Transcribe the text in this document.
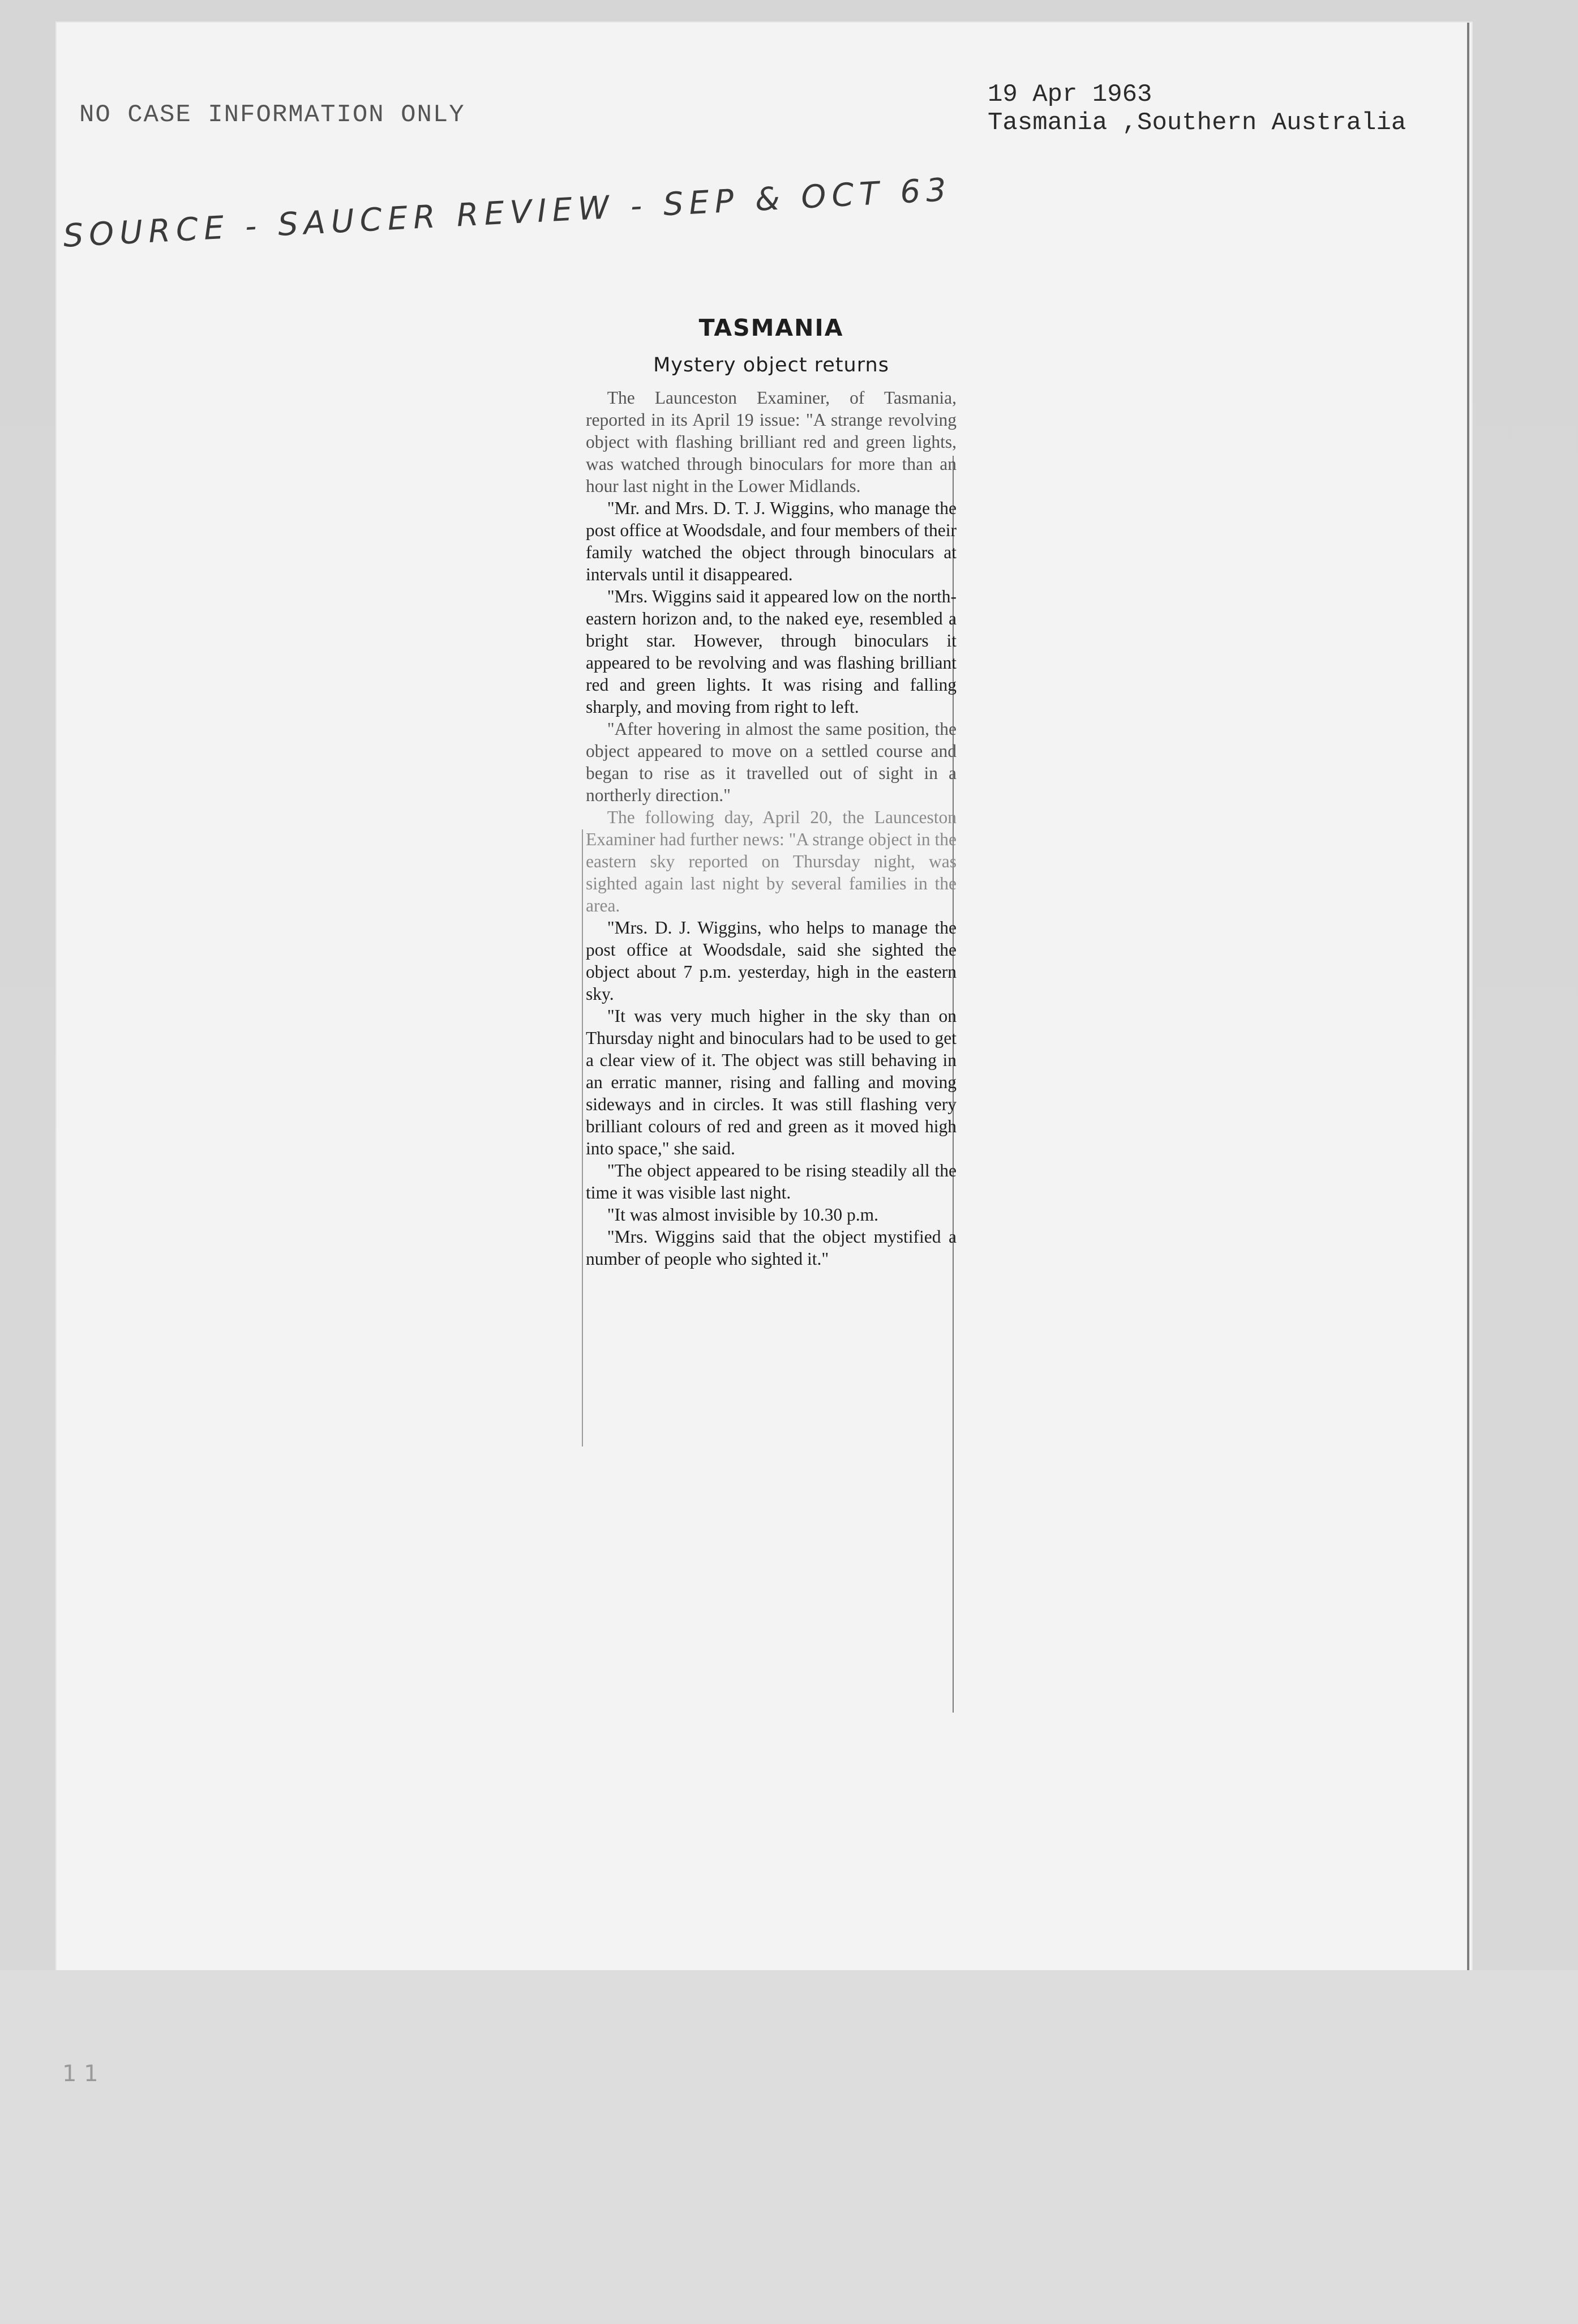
NO CASE INFORMATION ONLY
19 Apr 1963
Tasmania ,Southern Australia
SOURCE - SAUCER REVIEW - SEP & OCT 63
TASMANIA
Mystery object returns

The Launceston Examiner, of Tasmania, reported in its April 19 issue: "A strange revolving object with flashing brilliant red and green lights, was watched through binoculars for more than an hour last night in the Lower Midlands.

"Mr. and Mrs. D. T. J. Wiggins, who manage the post office at Woodsdale, and four members of their family watched the object through binoculars at intervals until it disappeared.

"Mrs. Wiggins said it appeared low on the north-eastern horizon and, to the naked eye, resembled a bright star. However, through binoculars it appeared to be revolving and was flashing brilliant red and green lights. It was rising and falling sharply, and moving from right to left.

"After hovering in almost the same position, the object appeared to move on a settled course and began to rise as it travelled out of sight in a northerly direction."

The following day, April 20, the Launceston Examiner had further news: "A strange object in the eastern sky reported on Thursday night, was sighted again last night by several families in the area.

"Mrs. D. J. Wiggins, who helps to manage the post office at Woodsdale, said she sighted the object about 7 p.m. yesterday, high in the eastern sky.

"It was very much higher in the sky than on Thursday night and binoculars had to be used to get a clear view of it. The object was still behaving in an erratic manner, rising and falling and moving sideways and in circles. It was still flashing very brilliant colours of red and green as it moved high into space," she said.

"The object appeared to be rising steadily all the time it was visible last night.

"It was almost invisible by 10.30 p.m.

"Mrs. Wiggins said that the object mystified a number of people who sighted it."

1 1
